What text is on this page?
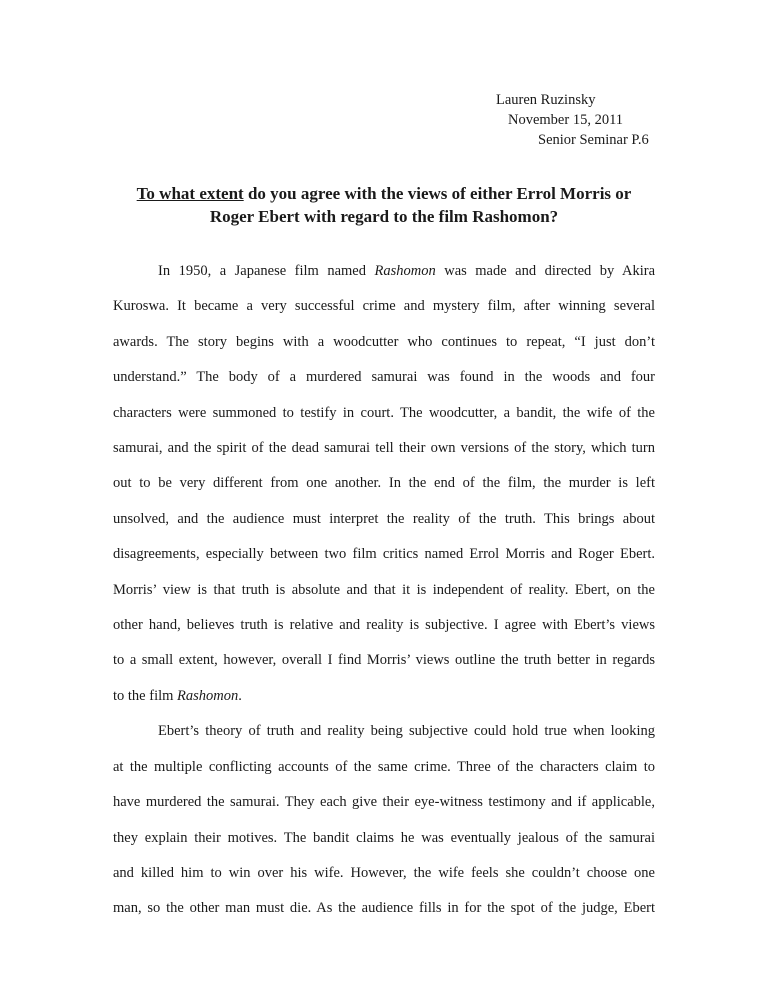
Lauren Ruzinsky
November 15, 2011
Senior Seminar P.6
To what extent do you agree with the views of either Errol Morris or
Roger Ebert with regard to the film Rashomon?
In 1950, a Japanese film named Rashomon was made and directed by Akira
Kuroswa. It became a very successful crime and mystery film, after winning several
awards. The story begins with a woodcutter who continues to repeat, “I just don’t
understand.” The body of a murdered samurai was found in the woods and four
characters were summoned to testify in court. The woodcutter, a bandit, the wife of the
samurai, and the spirit of the dead samurai tell their own versions of the story, which turn
out to be very different from one another. In the end of the film, the murder is left
unsolved, and the audience must interpret the reality of the truth. This brings about
disagreements, especially between two film critics named Errol Morris and Roger Ebert.
Morris’ view is that truth is absolute and that it is independent of reality. Ebert, on the
other hand, believes truth is relative and reality is subjective. I agree with Ebert’s views
to a small extent, however, overall I find Morris’ views outline the truth better in regards
to the film Rashomon.
Ebert’s theory of truth and reality being subjective could hold true when looking
at the multiple conflicting accounts of the same crime. Three of the characters claim to
have murdered the samurai. They each give their eye-witness testimony and if applicable,
they explain their motives. The bandit claims he was eventually jealous of the samurai
and killed him to win over his wife. However, the wife feels she couldn’t choose one
man, so the other man must die. As the audience fills in for the spot of the judge, Ebert
